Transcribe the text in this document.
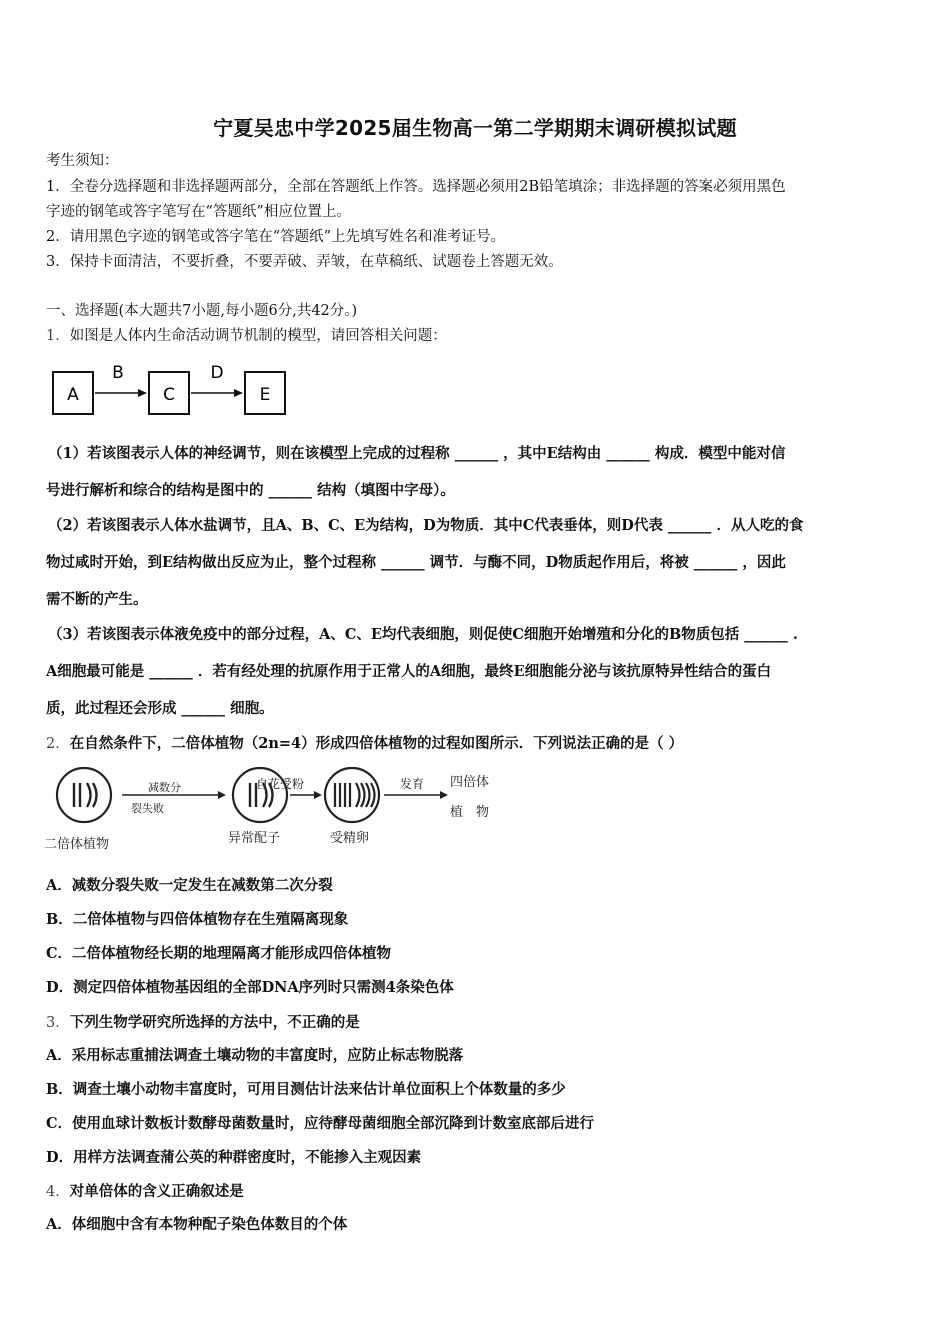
宁夏吴忠中学2025届生物高一第二学期期末调研模拟试题
考生须知：
1．全卷分选择题和非选择题两部分，全部在答题纸上作答。选择题必须用2B铅笔填涂；非选择题的答案必须用黑色
字迹的钢笔或答字笔写在“答题纸”相应位置上。
2．请用黑色字迹的钢笔或答字笔在“答题纸”上先填写姓名和准考证号。
3．保持卡面清洁，不要折叠，不要弄破、弄皱，在草稿纸、试题卷上答题无效。
一、选择题(本大题共7小题,每小题6分,共42分。)
1．如图是人体内生命活动调节机制的模型，请回答相关问题：
A
B
C
D
E
（1）若该图表示人体的神经调节，则在该模型上完成的过程称 ______ ，其中E结构由 ______ 构成．模型中能对信
号进行解析和综合的结构是图中的 ______ 结构（填图中字母）。
（2）若该图表示人体水盐调节，且A、B、C、E为结构，D为物质．其中C代表垂体，则D代表 ______ ．从人吃的食
物过咸时开始，到E结构做出反应为止，整个过程称 ______ 调节．与酶不同，D物质起作用后，将被 ______ ，因此
需不断的产生。
（3）若该图表示体液免疫中的部分过程，A、C、E均代表细胞，则促使C细胞开始增殖和分化的B物质包括 ______ .
A细胞最可能是 ______ ．若有经处理的抗原作用于正常人的A细胞，最终E细胞能分泌与该抗原特异性结合的蛋白
质，此过程还会形成 ______ 细胞。
2．在自然条件下，二倍体植物（2n=4）形成四倍体植物的过程如图所示．下列说法正确的是（ ）
减数分
裂失败
自花受粉	发育 四倍体
植　物
二倍体植物	异常配子	受精卵
A．减数分裂失败一定发生在减数第二次分裂
B．二倍体植物与四倍体植物存在生殖隔离现象
C．二倍体植物经长期的地理隔离才能形成四倍体植物
D．测定四倍体植物基因组的全部DNA序列时只需测4条染色体
3．下列生物学研究所选择的方法中，不正确的是
A．采用标志重捕法调查土壤动物的丰富度时，应防止标志物脱落
B．调查土壤小动物丰富度时，可用目测估计法来估计单位面积上个体数量的多少
C．使用血球计数板计数酵母菌数量时，应待酵母菌细胞全部沉降到计数室底部后进行
D．用样方法调查蒲公英的种群密度时，不能掺入主观因素
4．对单倍体的含义正确叙述是
A．体细胞中含有本物种配子染色体数目的个体
